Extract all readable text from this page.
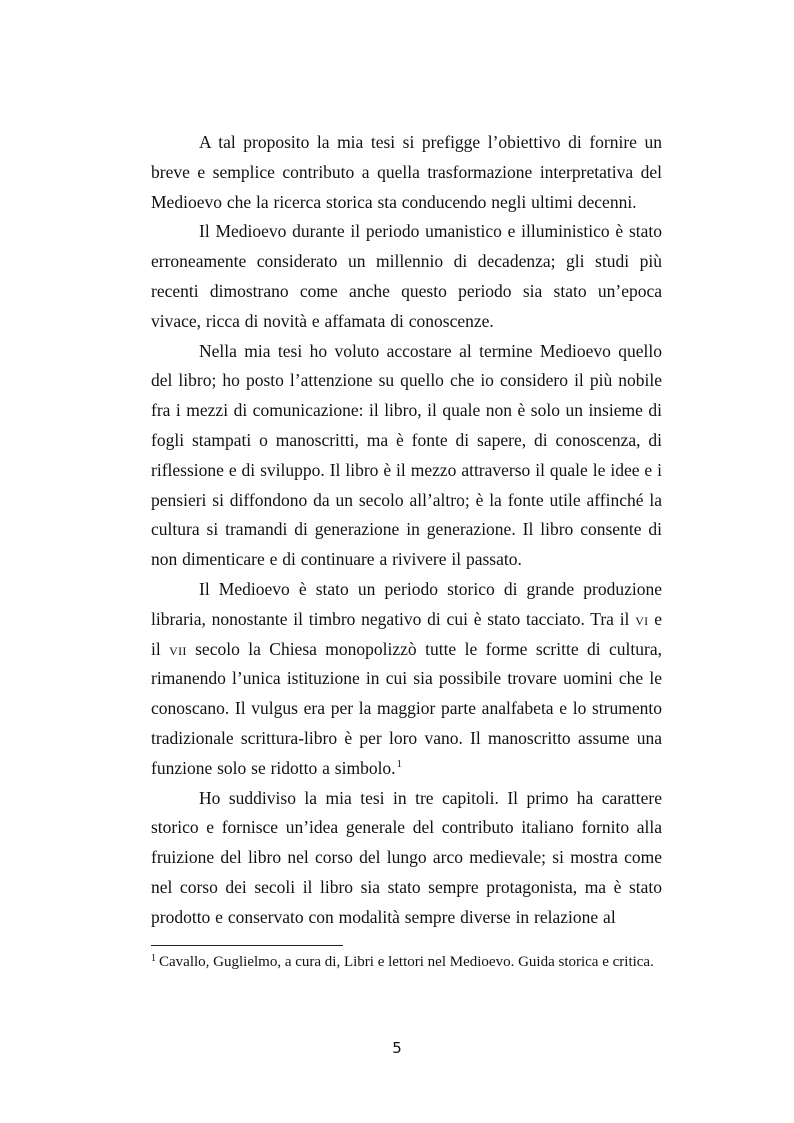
A tal proposito la mia tesi si prefigge l’obiettivo di fornire un breve e semplice contributo a quella trasformazione interpretativa del Medioevo che la ricerca storica sta conducendo negli ultimi decenni.

Il Medioevo durante il periodo umanistico e illuministico è stato erroneamente considerato un millennio di decadenza; gli studi più recenti dimostrano come anche questo periodo sia stato un’epoca vivace, ricca di novità e affamata di conoscenze.

Nella mia tesi ho voluto accostare al termine Medioevo quello del libro; ho posto l’attenzione su quello che io considero il più nobile fra i mezzi di comunicazione: il libro, il quale non è solo un insieme di fogli stampati o manoscritti, ma è fonte di sapere, di conoscenza, di riflessione e di sviluppo. Il libro è il mezzo attraverso il quale le idee e i pensieri si diffondono da un secolo all’altro; è la fonte utile affinché la cultura si tramandi di generazione in generazione. Il libro consente di non dimenticare e di continuare a rivivere il passato.

Il Medioevo è stato un periodo storico di grande produzione libraria, nonostante il timbro negativo di cui è stato tacciato. Tra il vi e il vii secolo la Chiesa monopolizzò tutte le forme scritte di cultura, rimanendo l’unica istituzione in cui sia possibile trovare uomini che le conoscano. Il vulgus era per la maggior parte analfabeta e lo strumento tradizionale scrittura-libro è per loro vano. Il manoscritto assume una funzione solo se ridotto a simbolo.$^1$

Ho suddiviso la mia tesi in tre capitoli. Il primo ha carattere storico e fornisce un’idea generale del contributo italiano fornito alla fruizione del libro nel corso del lungo arco medievale; si mostra come nel corso dei secoli il libro sia stato sempre protagonista, ma è stato prodotto e conservato con modalità sempre diverse in relazione al

$^1$ Cavallo, Guglielmo, a cura di, Libri e lettori nel Medioevo. Guida storica e critica.

5
